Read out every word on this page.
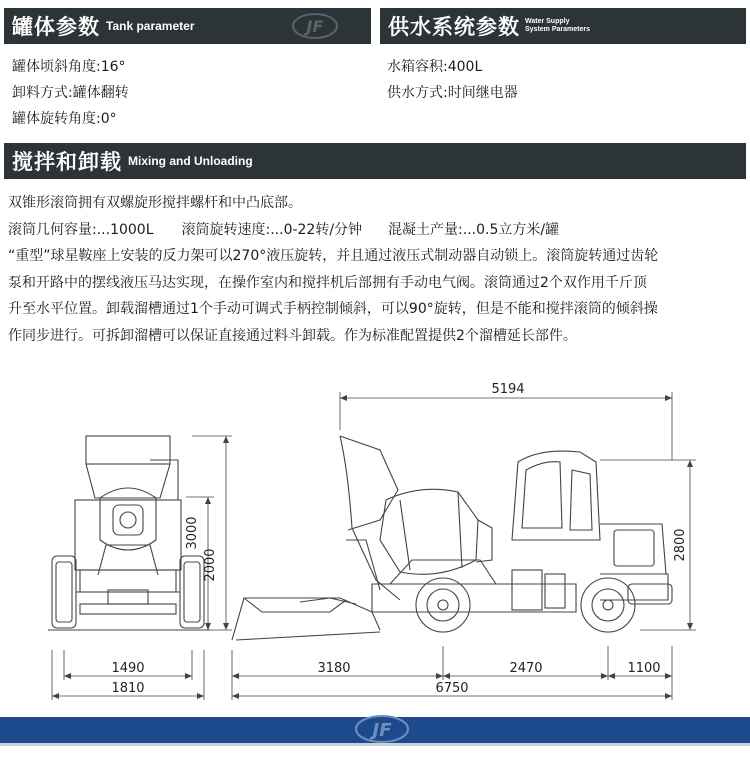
罐体参数 Tank parameter	JF	供水系统参数 Water Supply
System Parameters
罐体顷斜角度:16°
卸料方式:罐体翻转
罐体旋转角度:0°
水箱容积:400L
供水方式:时间继电器
搅拌和卸载 Mixing and Unloading

双锥形滚筒拥有双螺旋形搅拌螺杆和中凸底部。

滚筒几何容量:...1000L 滚筒旋转速度:...0-22转/分钟 混凝土产量:...0.5立方米/罐

“重型”球星鞍座上安装的反力架可以270°液压旋转，并且通过液压式制动器自动锁上。滚筒旋转通过齿轮

泵和开路中的摆线液压马达实现，在操作室内和搅拌机后部拥有手动电气阀。滚筒通过2个双作用千斤顶

升至水平位置。卸载溜槽通过1个手动可调式手柄控制倾斜，可以90°旋转，但是不能和搅拌滚筒的倾斜操

作同步进行。可拆卸溜槽可以保证直接通过料斗卸载。作为标准配置提供2个溜槽延长部件。

3000
2000
1490
1810
5194
2800
3180	2470	1100
6750
JF
